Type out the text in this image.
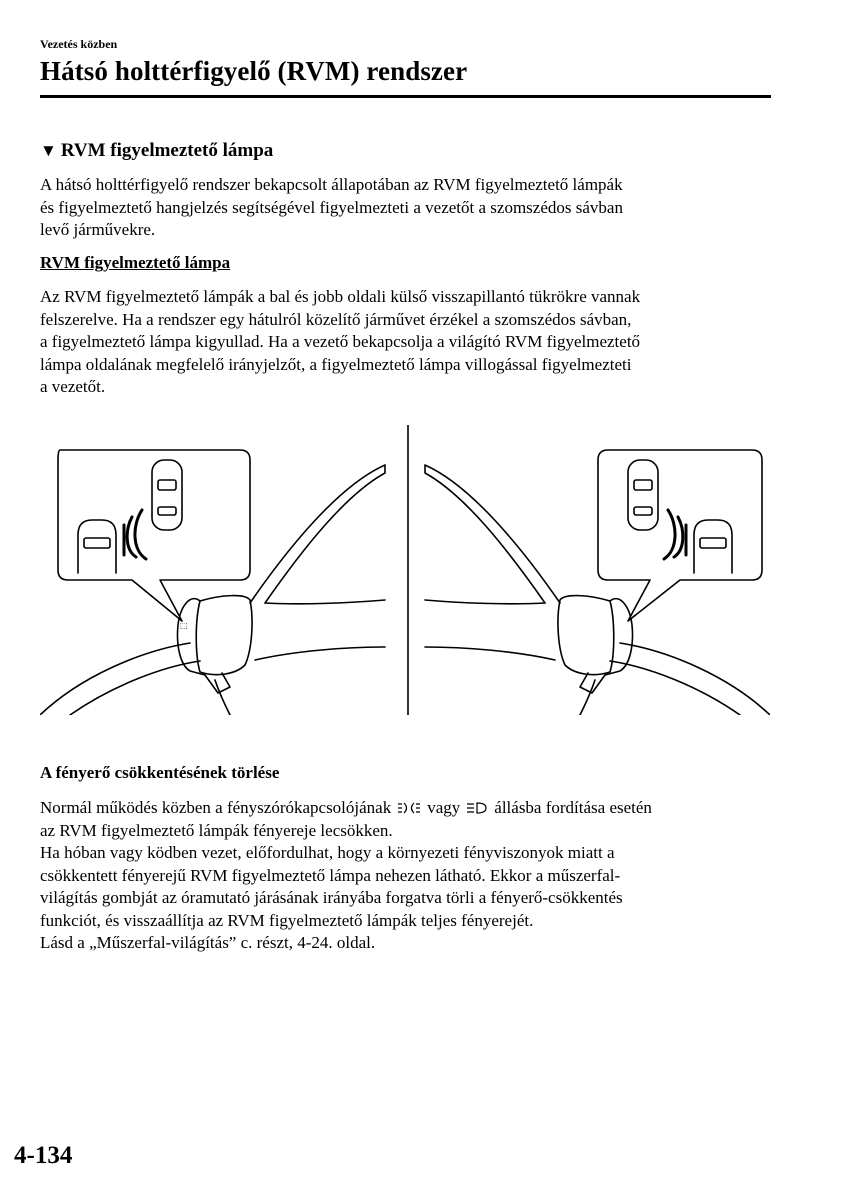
Vezetés közben
Hátsó holttérfigyelő (RVM) rendszer
▼ RVM figyelmeztető lámpa

A hátsó holttérfigyelő rendszer bekapcsolt állapotában az RVM figyelmeztető lámpák
és figyelmeztető hangjelzés segítségével figyelmezteti a vezetőt a szomszédos sávban
levő járművekre.

RVM figyelmeztető lámpa

Az RVM figyelmeztető lámpák a bal és jobb oldali külső visszapillantó tükrökre vannak
felszerelve. Ha a rendszer egy hátulról közelítő járművet érzékel a szomszédos sávban,
a figyelmeztető lámpa kigyullad. Ha a vezető bekapcsolja a világító RVM figyelmeztető
lámpa oldalának megfelelő irányjelzőt, a figyelmeztető lámpa villogással figyelmezteti
a vezetőt.

⬚
A fényerő csökkentésének törlése

Normál működés közben a fényszórókapcsolójának vagy állásba fordítása esetén
az RVM figyelmeztető lámpák fényereje lecsökken.
Ha hóban vagy ködben vezet, előfordulhat, hogy a környezeti fényviszonyok miatt a
csökkentett fényerejű RVM figyelmeztető lámpa nehezen látható. Ekkor a műszerfal-
világítás gombját az óramutató járásának irányába forgatva törli a fényerő-csökkentés
funkciót, és visszaállítja az RVM figyelmeztető lámpák teljes fényerejét.
Lásd a „Műszerfal-világítás” c. részt, 4-24. oldal.

4-134
